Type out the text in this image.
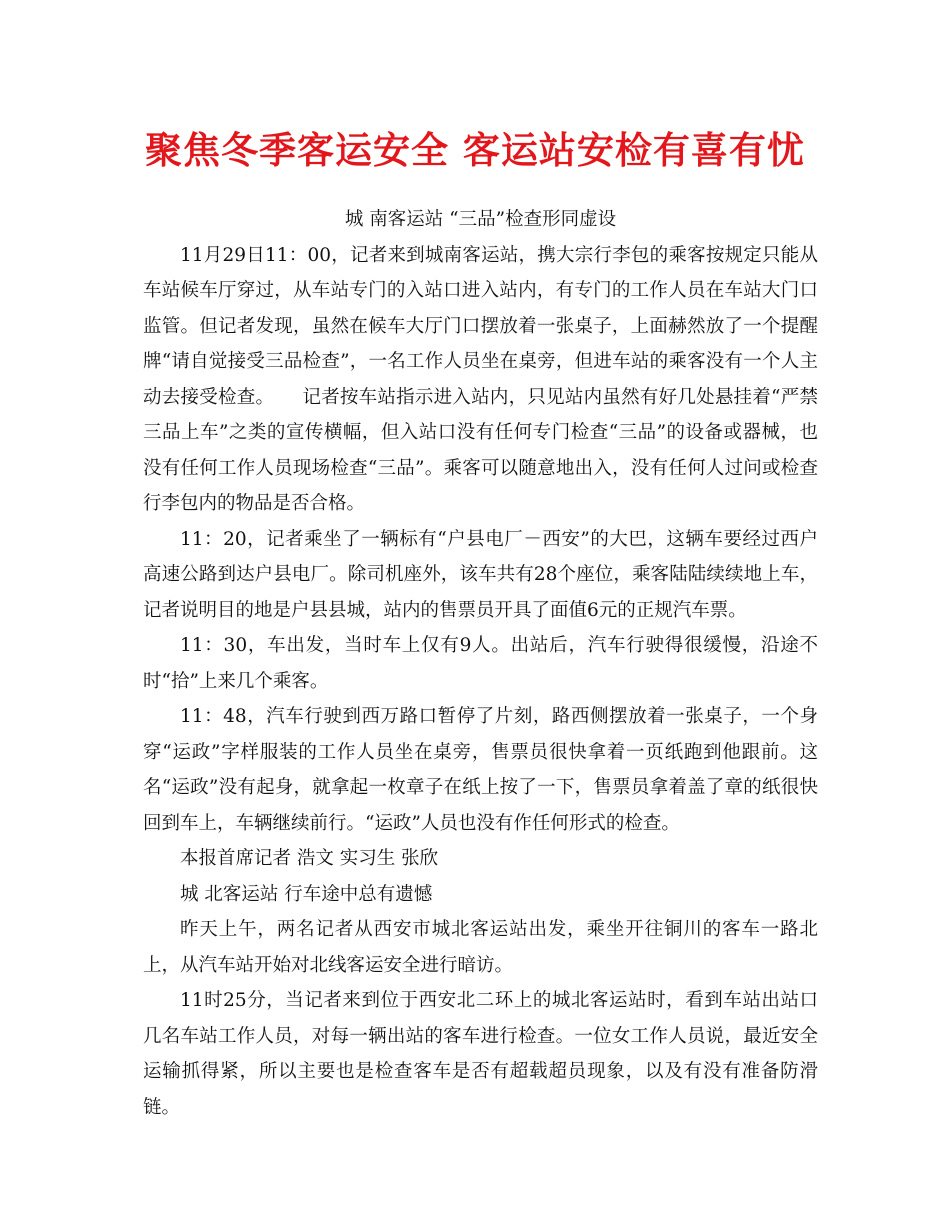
聚焦冬季客运安全 客运站安检有喜有忧

城 南客运站 “三品”检查形同虚设

11月29日11：00，记者来到城南客运站，携大宗行李包的乘客按规定只能从车站候车厅穿过，从车站专门的入站口进入站内，有专门的工作人员在车站大门口监管。但记者发现，虽然在候车大厅门口摆放着一张桌子，上面赫然放了一个提醒牌“请自觉接受三品检查”，一名工作人员坐在桌旁，但进车站的乘客没有一个人主动去接受检查。　　记者按车站指示进入站内，只见站内虽然有好几处悬挂着“严禁三品上车”之类的宣传横幅，但入站口没有任何专门检查“三品”的设备或器械，也没有任何工作人员现场检查“三品”。乘客可以随意地出入，没有任何人过问或检查行李包内的物品是否合格。

11：20，记者乘坐了一辆标有“户县电厂－西安”的大巴，这辆车要经过西户高速公路到达户县电厂。除司机座外，该车共有28个座位，乘客陆陆续续地上车，记者说明目的地是户县县城，站内的售票员开具了面值6元的正规汽车票。

11：30，车出发，当时车上仅有9人。出站后，汽车行驶得很缓慢，沿途不时“拾”上来几个乘客。

11：48，汽车行驶到西万路口暂停了片刻，路西侧摆放着一张桌子，一个身穿“运政”字样服装的工作人员坐在桌旁，售票员很快拿着一页纸跑到他跟前。这名“运政”没有起身，就拿起一枚章子在纸上按了一下，售票员拿着盖了章的纸很快回到车上，车辆继续前行。“运政”人员也没有作任何形式的检查。

本报首席记者 浩文 实习生 张欣

城 北客运站 行车途中总有遗憾

昨天上午，两名记者从西安市城北客运站出发，乘坐开往铜川的客车一路北上，从汽车站开始对北线客运安全进行暗访。

11时25分，当记者来到位于西安北二环上的城北客运站时，看到车站出站口几名车站工作人员，对每一辆出站的客车进行检查。一位女工作人员说，最近安全运输抓得紧，所以主要也是检查客车是否有超载超员现象，以及有没有准备防滑链。
